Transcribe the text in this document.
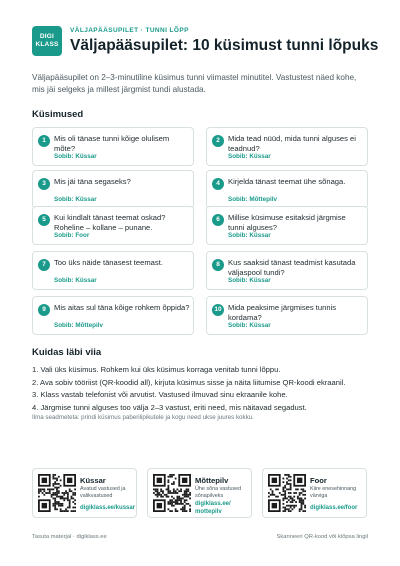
DIGI
KLASS
VÄLJAPÄÄSUPILET · TUNNI LÕPP
Väljapääsupilet: 10 küsimust tunni lõpuks

Väljapääsupilet on 2–3-minutiline küsimus tunni viimastel minutitel. Vastustest näed kohe, mis jäi selgeks ja millest järgmist tundi alustada.

Küsimused
1	Mis oli tänase tunni kõige olulisem mõte?
Sobib: Küssar
2	Mida tead nüüd, mida tunni alguses ei teadnud?
Sobib: Küssar
3	Mis jäi täna segaseks?
Sobib: Küssar
4	Kirjelda tänast teemat ühe sõnaga.
Sobib: Mõttepilv
5	Kui kindlalt tänast teemat oskad? Roheline – kollane – punane.
Sobib: Foor
6	Millise küsimuse esitaksid järgmise tunni alguses?
Sobib: Küssar
7	Too üks näide tänasest teemast.
Sobib: Küssar
8	Kus saaksid tänast teadmist kasutada väljaspool tundi?
Sobib: Küssar
9	Mis aitas sul täna kõige rohkem õppida?
Sobib: Mõttepilv
10 Mida peaksime järgmises tunnis kordama?
Sobib: Küssar
Kuidas läbi viia
1. Vali üks küsimus. Rohkem kui üks küsimus korraga venitab tunni lõppu.
2. Ava sobiv tööriist (QR-koodid all), kirjuta küsimus sisse ja näita liitumise QR-koodi ekraanil.
3. Klass vastab telefonist või arvutist. Vastused ilmuvad sinu ekraanile kohe.
4. Järgmise tunni alguses too välja 2–3 vastust, eriti need, mis näitavad segadust.

Ilma seadmeteta: prindi küsimus paberilipikutele ja kogu need ukse juures kokku.

Küssar
Avatud vastused ja valikvastused
digiklass.ee/kussar
Mõttepilv
Ühe sõna vastused sõnapilveks
digiklass.ee/ mottepilv
Foor
Kiire enesehinnang värviga
digiklass.ee/foor
Tasuta materjal · digiklass.ee	Skanneeri QR-kood või klõpsa lingil
